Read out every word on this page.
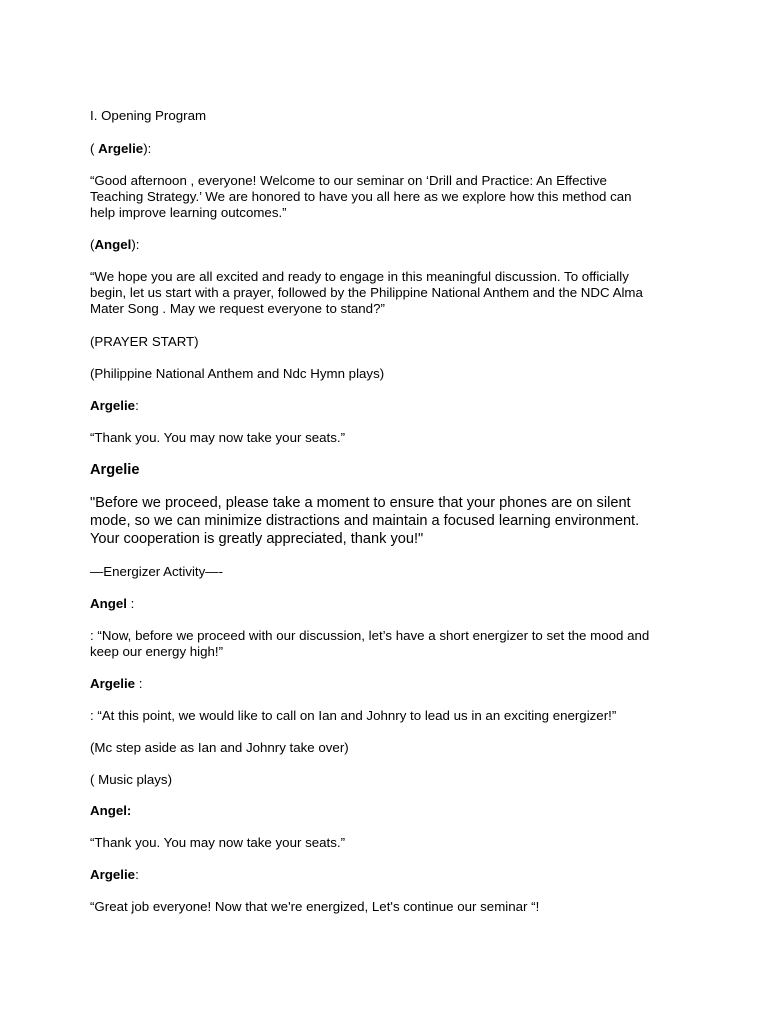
I. Opening Program
( Argelie):
“Good afternoon , everyone! Welcome to our seminar on ‘Drill and Practice: An Effective
Teaching Strategy.’ We are honored to have you all here as we explore how this method can
help improve learning outcomes.”
(Angel):
“We hope you are all excited and ready to engage in this meaningful discussion. To officially
begin, let us start with a prayer, followed by the Philippine National Anthem and the NDC Alma
Mater Song . May we request everyone to stand?”
(PRAYER START)
(Philippine National Anthem and Ndc Hymn plays)
Argelie:
“Thank you. You may now take your seats.”
Argelie
"Before we proceed, please take a moment to ensure that your phones are on silent
mode, so we can minimize distractions and maintain a focused learning environment.
Your cooperation is greatly appreciated, thank you!"
—Energizer Activity—-
Angel :
: “Now, before we proceed with our discussion, let’s have a short energizer to set the mood and
keep our energy high!”
Argelie :
: “At this point, we would like to call on Ian and Johnry to lead us in an exciting energizer!”
(Mc step aside as Ian and Johnry take over)
( Music plays)
Angel:
“Thank you. You may now take your seats.”
Argelie:
“Great job everyone! Now that we're energized, Let's continue our seminar “!
